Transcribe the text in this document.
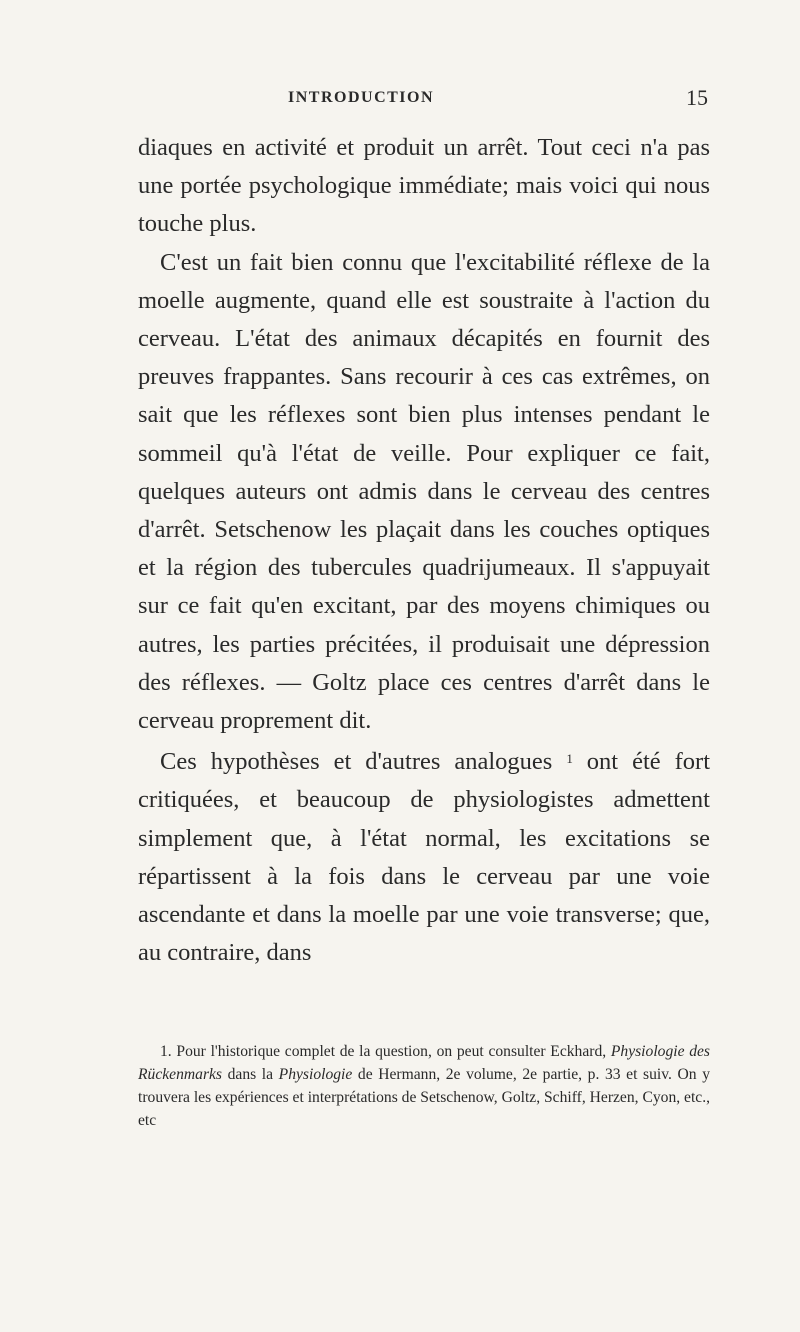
INTRODUCTION	15

diaques en activité et produit un arrêt. Tout ceci n'a pas une portée psychologique immédiate; mais voici qui nous touche plus.

C'est un fait bien connu que l'excitabilité réflexe de la moelle augmente, quand elle est soustraite à l'action du cerveau. L'état des animaux décapités en fournit des preuves frappantes. Sans recourir à ces cas extrêmes, on sait que les réflexes sont bien plus intenses pendant le sommeil qu'à l'état de veille. Pour expliquer ce fait, quelques auteurs ont admis dans le cerveau des centres d'arrêt. Setschenow les plaçait dans les couches optiques et la région des tubercules quadrijumeaux. Il s'appuyait sur ce fait qu'en excitant, par des moyens chimiques ou autres, les parties précitées, il produisait une dépression des réflexes. — Goltz place ces centres d'arrêt dans le cerveau proprement dit.

Ces hypothèses et d'autres analogues $^1$ ont été fort critiquées, et beaucoup de physiologistes admettent simplement que, à l'état normal, les excitations se répartissent à la fois dans le cerveau par une voie ascendante et dans la moelle par une voie transverse; que, au contraire, dans

1. Pour l'historique complet de la question, on peut consulter Eckhard, Physiologie des Rückenmarks dans la Physiologie de Hermann, 2e volume, 2e partie, p. 33 et suiv. On y trouvera les expériences et interprétations de Setschenow, Goltz, Schiff, Herzen, Cyon, etc., etc
